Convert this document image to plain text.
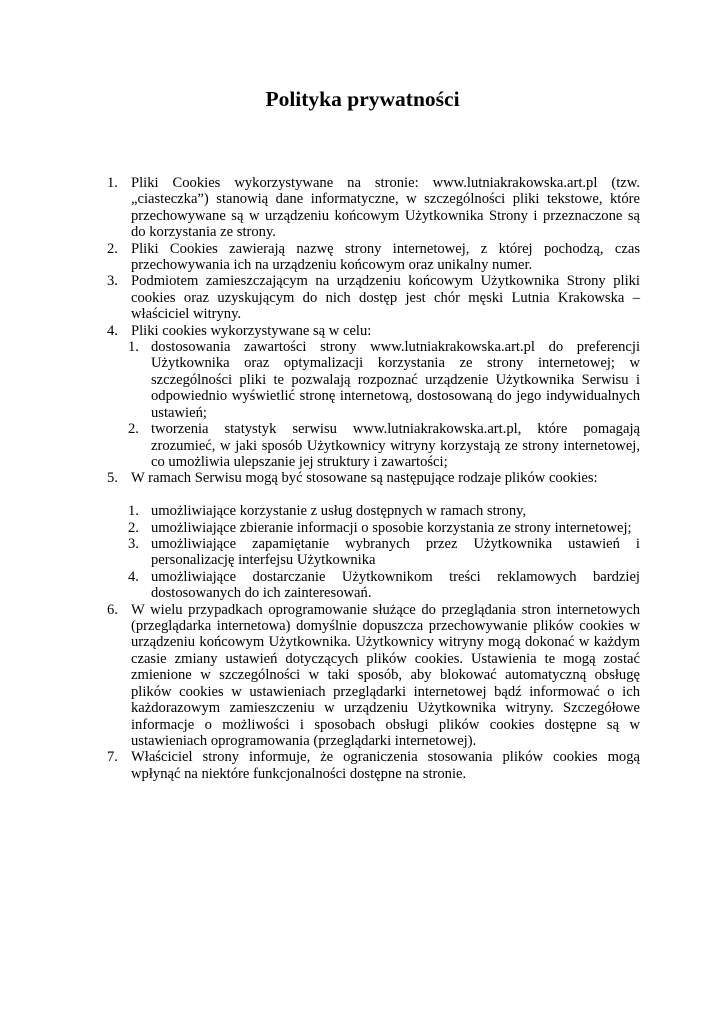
Polityka prywatności
1. Pliki Cookies wykorzystywane na stronie: www.lutniakrakowska.art.pl (tzw. „ciasteczka”) stanowią dane informatyczne, w szczególności pliki tekstowe, które przechowywane są w urządzeniu końcowym Użytkownika Strony i przeznaczone są do korzystania ze strony.
2. Pliki Cookies zawierają nazwę strony internetowej, z której pochodzą, czas przechowywania ich na urządzeniu końcowym oraz unikalny numer.
3. Podmiotem zamieszczającym na urządzeniu końcowym Użytkownika Strony pliki cookies oraz uzyskującym do nich dostęp jest chór męski Lutnia Krakowska – właściciel witryny.
4. Pliki cookies wykorzystywane są w celu:
1. dostosowania zawartości strony www.lutniakrakowska.art.pl do preferencji Użytkownika oraz optymalizacji korzystania ze strony internetowej; w szczególności pliki te pozwalają rozpoznać urządzenie Użytkownika Serwisu i odpowiednio wyświetlić stronę internetową, dostosowaną do jego indywidualnych ustawień;
2. tworzenia statystyk serwisu www.lutniakrakowska.art.pl, które pomagają zrozumieć, w jaki sposób Użytkownicy witryny korzystają ze strony internetowej, co umożliwia ulepszanie jej struktury i zawartości;
5. W ramach Serwisu mogą być stosowane są następujące rodzaje plików cookies:
1. umożliwiające korzystanie z usług dostępnych w ramach strony,
2. umożliwiające zbieranie informacji o sposobie korzystania ze strony internetowej;
3. umożliwiające zapamiętanie wybranych przez Użytkownika ustawień i personalizację interfejsu Użytkownika
4. umożliwiające dostarczanie Użytkownikom treści reklamowych bardziej dostosowanych do ich zainteresowań.
6. W wielu przypadkach oprogramowanie służące do przeglądania stron internetowych (przeglądarka internetowa) domyślnie dopuszcza przechowywanie plików cookies w urządzeniu końcowym Użytkownika. Użytkownicy witryny mogą dokonać w każdym czasie zmiany ustawień dotyczących plików cookies. Ustawienia te mogą zostać zmienione w szczególności w taki sposób, aby blokować automatyczną obsługę plików cookies w ustawieniach przeglądarki internetowej bądź informować o ich każdorazowym zamieszczeniu w urządzeniu Użytkownika witryny. Szczegółowe informacje o możliwości i sposobach obsługi plików cookies dostępne są w ustawieniach oprogramowania (przeglądarki internetowej).
7. Właściciel strony informuje, że ograniczenia stosowania plików cookies mogą wpłynąć na niektóre funkcjonalności dostępne na stronie.
